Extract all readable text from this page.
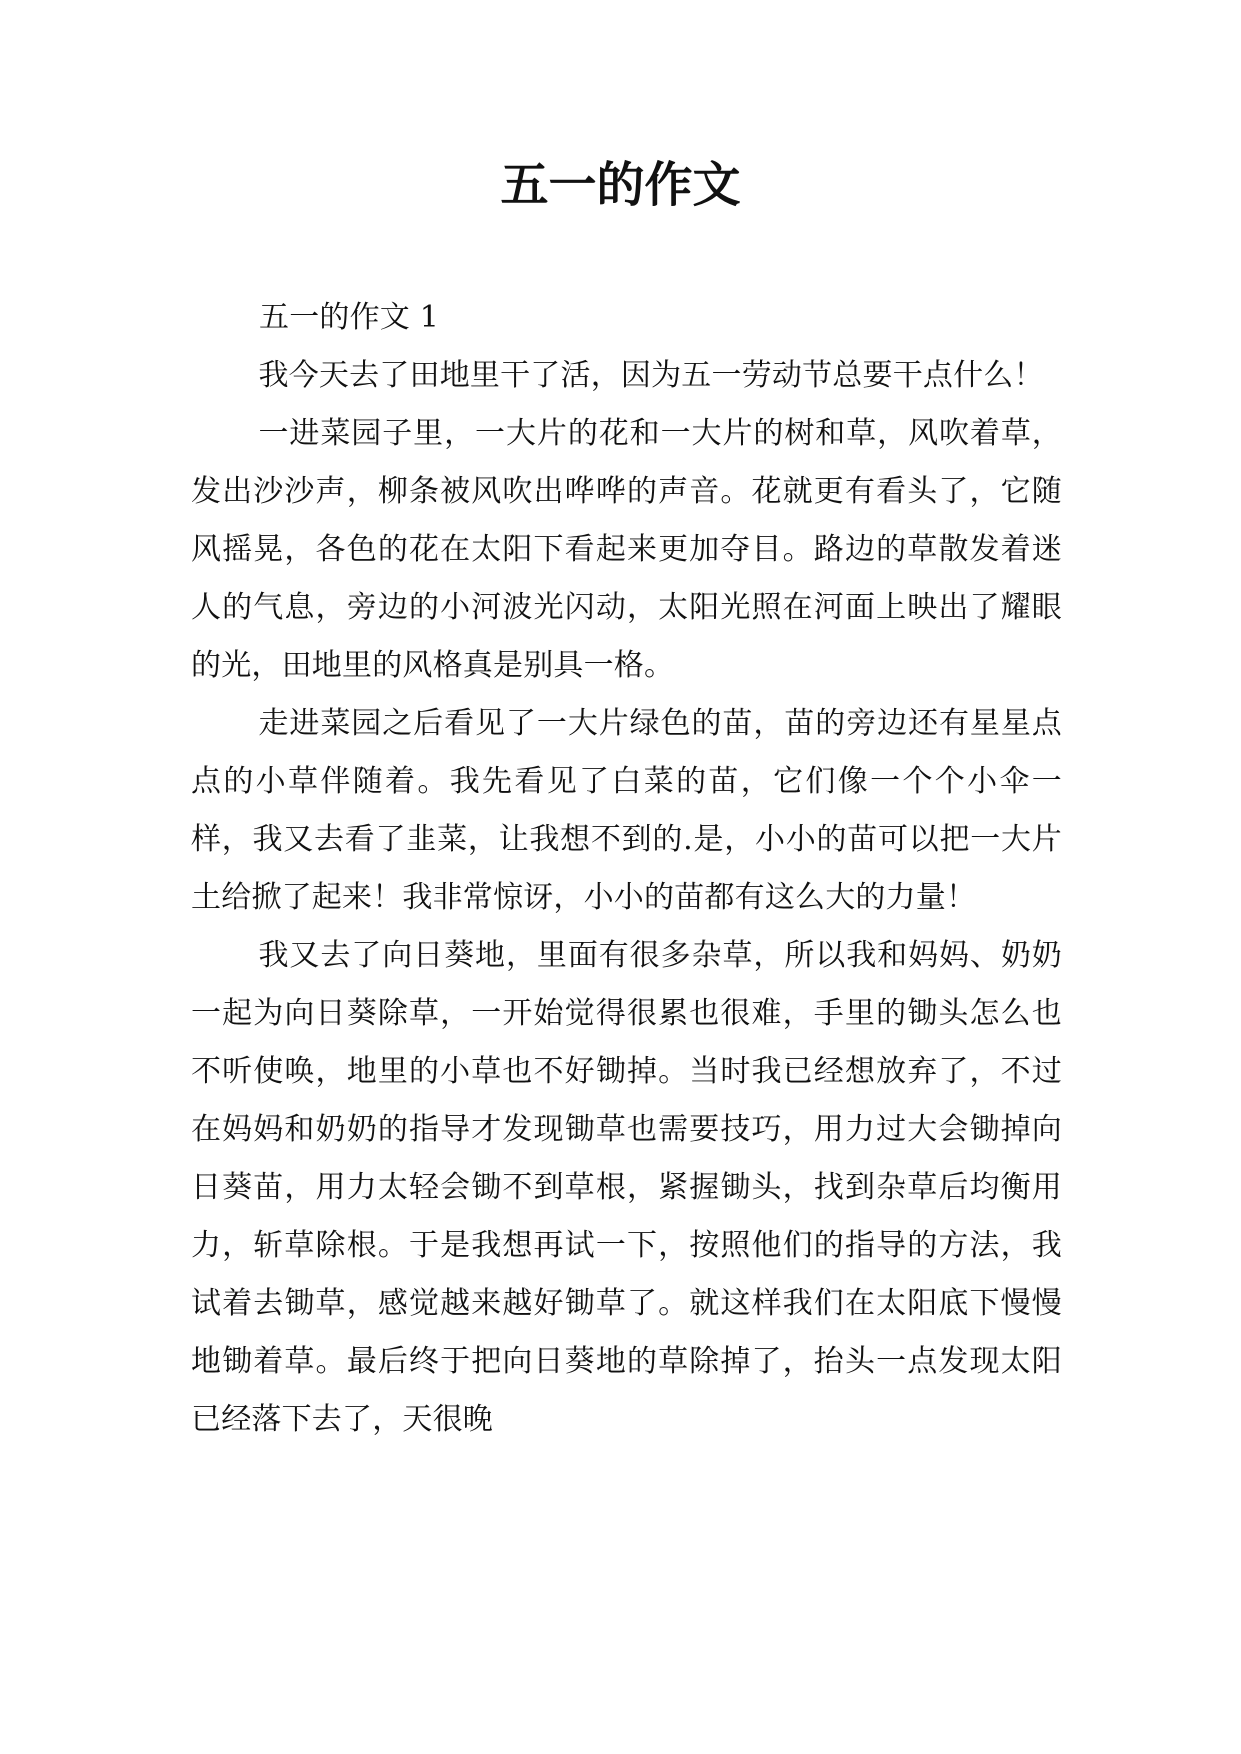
五一的作文

五一的作文 1

我今天去了田地里干了活，因为五一劳动节总要干点什么！

一进菜园子里，一大片的花和一大片的树和草，风吹着草，发出沙沙声，柳条被风吹出哗哗的声音。花就更有看头了，它随风摇晃，各色的花在太阳下看起来更加夺目。路边的草散发着迷人的气息，旁边的小河波光闪动，太阳光照在河面上映出了耀眼的光，田地里的风格真是别具一格。

走进菜园之后看见了一大片绿色的苗，苗的旁边还有星星点点的小草伴随着。我先看见了白菜的苗，它们像一个个小伞一样，我又去看了韭菜，让我想不到的.是，小小的苗可以把一大片土给掀了起来！我非常惊讶，小小的苗都有这么大的力量！

我又去了向日葵地，里面有很多杂草，所以我和妈妈、奶奶一起为向日葵除草，一开始觉得很累也很难，手里的锄头怎么也不听使唤，地里的小草也不好锄掉。当时我已经想放弃了，不过在妈妈和奶奶的指导才发现锄草也需要技巧，用力过大会锄掉向日葵苗，用力太轻会锄不到草根，紧握锄头，找到杂草后均衡用力，斩草除根。于是我想再试一下，按照他们的指导的方法，我试着去锄草，感觉越来越好锄草了。就这样我们在太阳底下慢慢地锄着草。最后终于把向日葵地的草除掉了，抬头一点发现太阳已经落下去了，天很晚
